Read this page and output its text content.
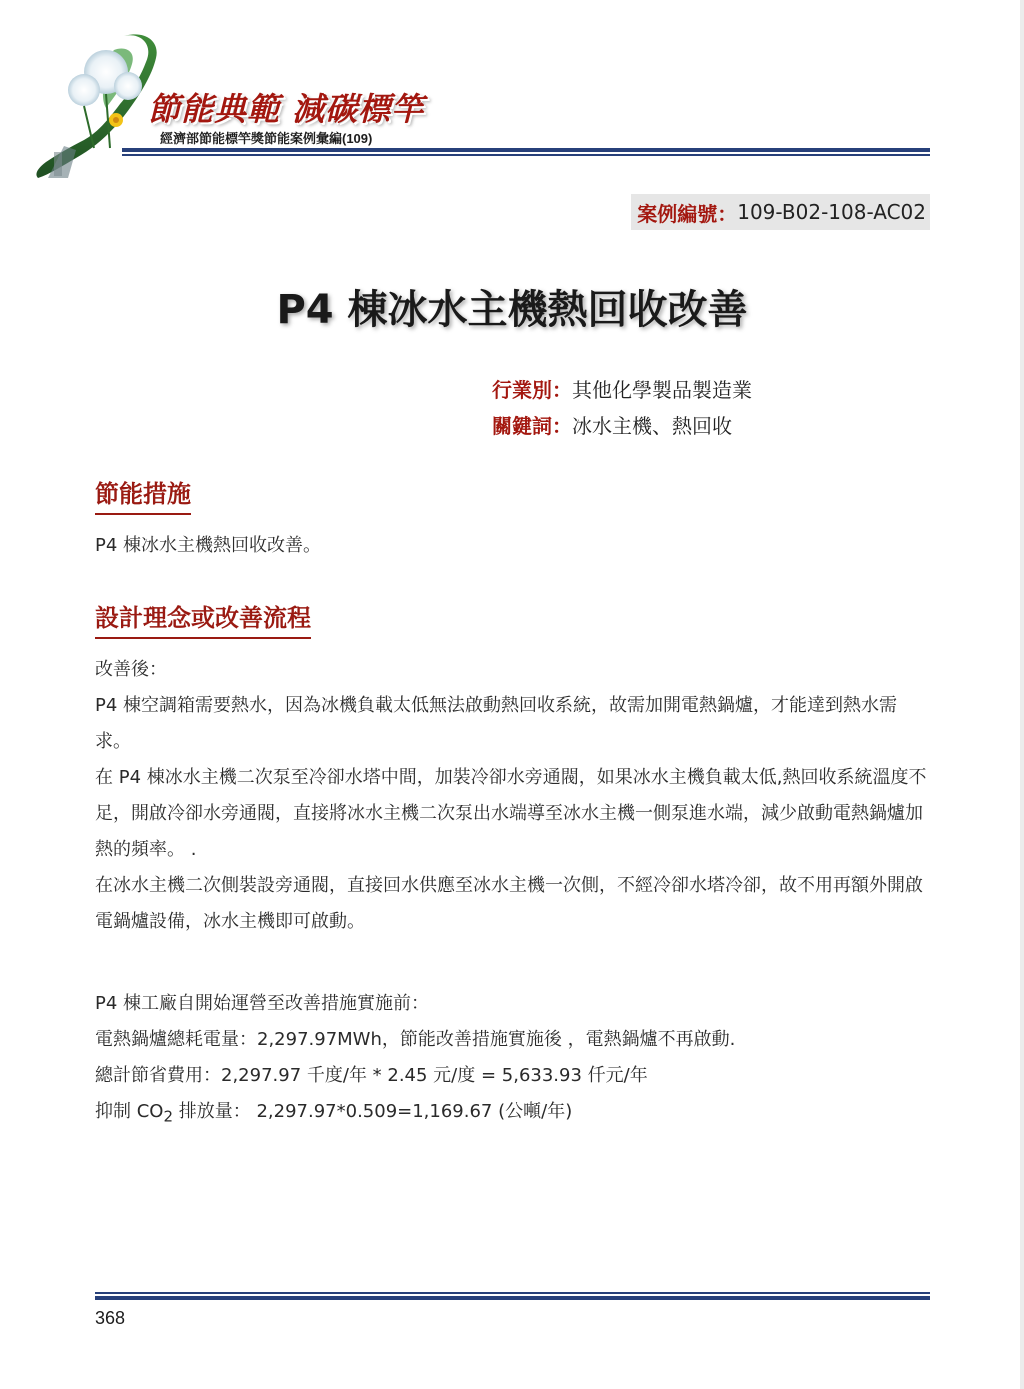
節能典範 減碳標竿
經濟部節能標竿獎節能案例彙編(109)
案例編號： 109-B02-108-AC02
P4 棟冰水主機熱回收改善
行業別：其他化學製品製造業
關鍵詞：冰水主機、熱回收
節能措施
P4 棟冰水主機熱回收改善。
設計理念或改善流程
改善後：
P4 棟空調箱需要熱水，因為冰機負載太低無法啟動熱回收系統，故需加開電熱鍋爐，才能達到熱水需求。
在 P4 棟冰水主機二次泵至冷卻水塔中間，加裝冷卻水旁通閥，如果冰水主機負載太低,熱回收系統溫度不足，開啟冷卻水旁通閥，直接將冰水主機二次泵出水端導至冰水主機一側泵進水端，減少啟動電熱鍋爐加熱的頻率。 .
在冰水主機二次側裝設旁通閥，直接回水供應至冰水主機一次側，不經冷卻水塔冷卻，故不用再額外開啟電鍋爐設備，冰水主機即可啟動。
P4 棟工廠自開始運營至改善措施實施前：
電熱鍋爐總耗電量：2,297.97MWh，節能改善措施實施後 ，電熱鍋爐不再啟動.
總計節省費用：2,297.97 千度/年 * 2.45 元/度 = 5,633.93 仟元/年
抑制 $CO_2$ 排放量： 2,297.97*0.509=1,169.67 (公噸/年)
368
